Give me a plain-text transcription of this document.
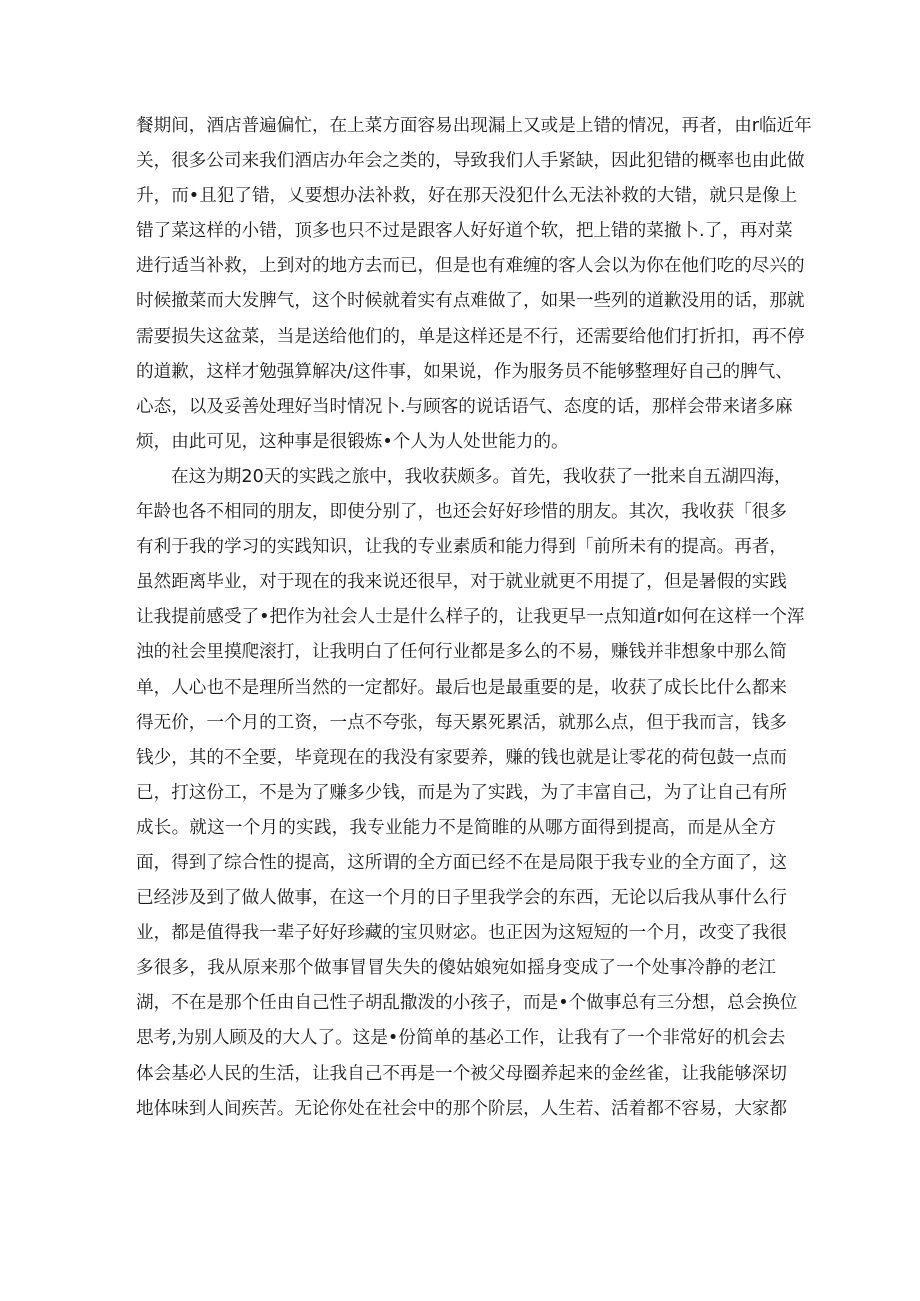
餐期间，酒店普遍偏忙，在上菜方面容易出现漏上又或是上错的情况，再者，由r临近年
关，很多公司来我们酒店办年会之类的，导致我们人手紧缺，因此犯错的概率也由此做
升，而•且犯了错，乂要想办法补救，好在那天没犯什么无法补救的大错，就只是像上
错了菜这样的小错，顶多也只不过是跟客人好好道个软，把上错的菜撤卜.了，再对菜
进行适当补救，上到对的地方去而已，但是也有难缠的客人会以为你在他们吃的尽兴的
时候撤菜而大发脾气，这个时候就着实有点难做了，如果一些列的道歉没用的话，那就
需要损失这盆菜，当是送给他们的，单是这样还是不行，还需要给他们打折扣，再不停
的道歉，这样才勉强算解决/这件事，如果说，作为服务员不能够整理好自己的脾气、
心态，以及妥善处理好当时情况卜.与顾客的说话语气、态度的话，那样会带来诸多麻
烦，由此可见，这种事是很锻炼•个人为人处世能力的。
在这为期20天的实践之旅中，我收获颇多。首先，我收获了一批来自五湖四海，
年龄也各不相同的朋友，即使分别了，也还会好好珍惜的朋友。其次，我收获「很多
有利于我的学习的实践知识，让我的专业素质和能力得到「前所未有的提高。再者，
虽然距离毕业，对于现在的我来说还很早，对于就业就更不用提了，但是暑假的实践
让我提前感受了•把作为社会人士是什么样子的，让我更早一点知道r如何在这样一个浑
浊的社会里摸爬滚打，让我明白了任何行业都是多么的不易，赚钱并非想象中那么简
单，人心也不是理所当然的一定都好。最后也是最重要的是，收获了成长比什么都来
得无价，一个月的工资，一点不夸张，每天累死累活，就那么点，但于我而言，钱多
钱少，其的不全要，毕竟现在的我没有家要养，赚的钱也就是让零花的荷包鼓一点而
已，打这份工，不是为了赚多少钱，而是为了实践，为了丰富自己，为了让自己有所
成长。就这一个月的实践，我专业能力不是简睢的从哪方面得到提高，而是从全方
面，得到了综合性的提高，这所谓的全方面已经不在是局限于我专业的全方面了，这
已经涉及到了做人做事，在这一个月的日子里我学会的东西，无论以后我从事什么行
业，都是值得我一辈子好好珍藏的宝贝财宓。也正因为这短短的一个月，改变了我很
多很多，我从原来那个做事冒冒失失的傻姑娘宛如摇身变成了一个处事冷静的老江
湖，不在是那个任由自己性子胡乱撒泼的小孩子，而是•个做事总有三分想，总会换位
思考,为别人顾及的大人了。这是•份简单的基必工作，让我有了一个非常好的机会去
体会基必人民的生活，让我自己不再是一个被父母圈养起来的金丝雀，让我能够深切
地体味到人间疾苦。无论你处在社会中的那个阶层，人生若、活着都不容易，大家都
